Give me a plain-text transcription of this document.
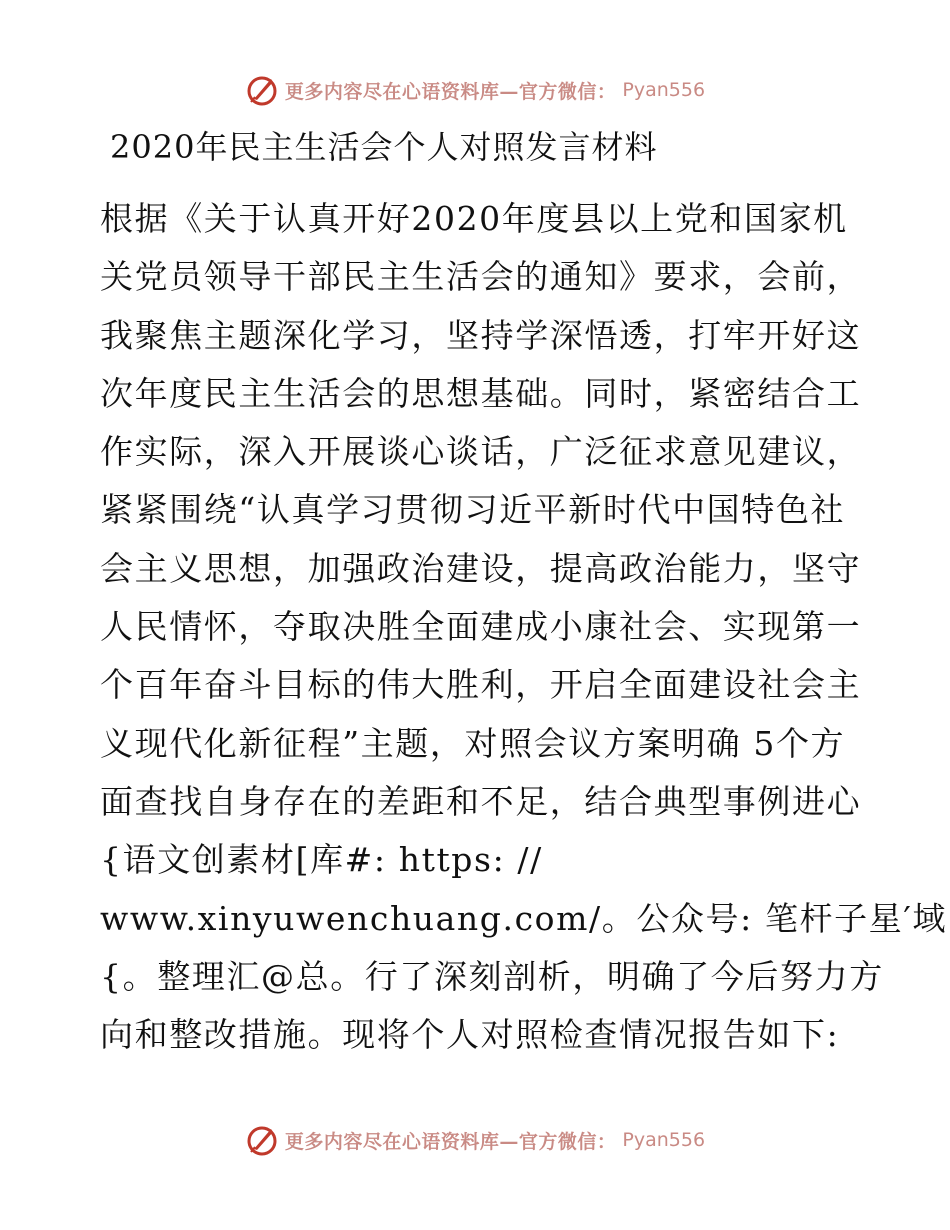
更多内容尽在心语资料库—官方微信： Pyan556
2020年民主生活会个人对照发言材料
根据《关于认真开好2020年度县以上党和国家机
关党员领导干部民主生活会的通知》要求，会前，
我聚焦主题深化学习，坚持学深悟透，打牢开好这
次年度民主生活会的思想基础。同时，紧密结合工
作实际，深入开展谈心谈话，广泛征求意见建议，
紧紧围绕“认真学习贯彻习近平新时代中国特色社
会主义思想，加强政治建设，提高政治能力，坚守
人民情怀，夺取决胜全面建成小康社会、实现第一
个百年奋斗目标的伟大胜利，开启全面建设社会主
义现代化新征程”主题，对照会议方案明确 5个方
面查找自身存在的差距和不足，结合典型事例进心
{语文创素材[库#: https: //
www.xinyuwenchuang.com/。公众号: 笔杆子星′域
{。整理汇@总。行了深刻剖析，明确了今后努力方
向和整改措施。现将个人对照检查情况报告如下:
更多内容尽在心语资料库—官方微信： Pyan556
